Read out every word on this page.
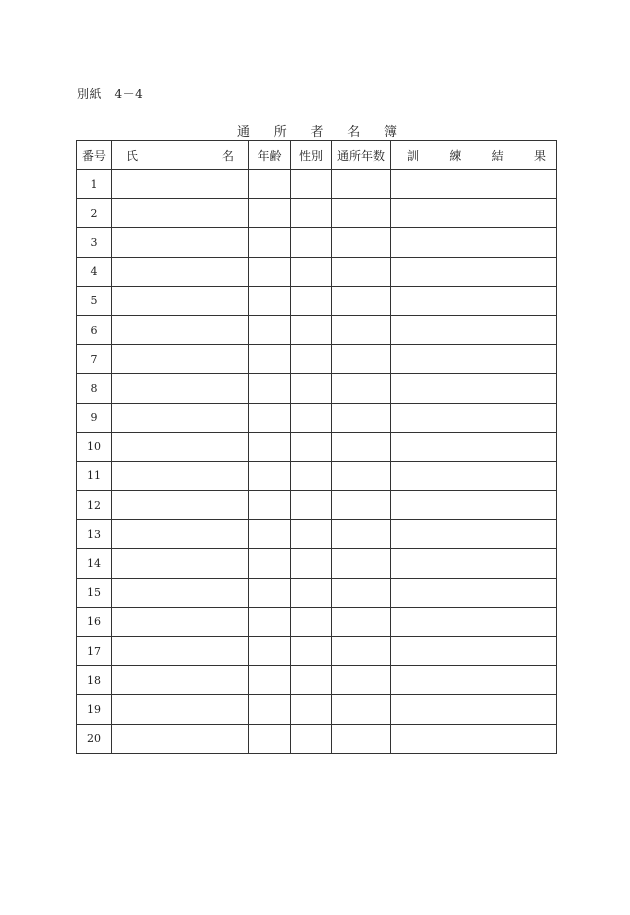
別紙　4－4
通 所 者 名 簿
番号	氏 名	年齢	性別	通所年数	訓 練 結 果

1					
2					
3					
4					
5					
6					
7					
8					
9					
10					
11					
12					
13					
14					
15					
16					
17					
18					
19					
20					
